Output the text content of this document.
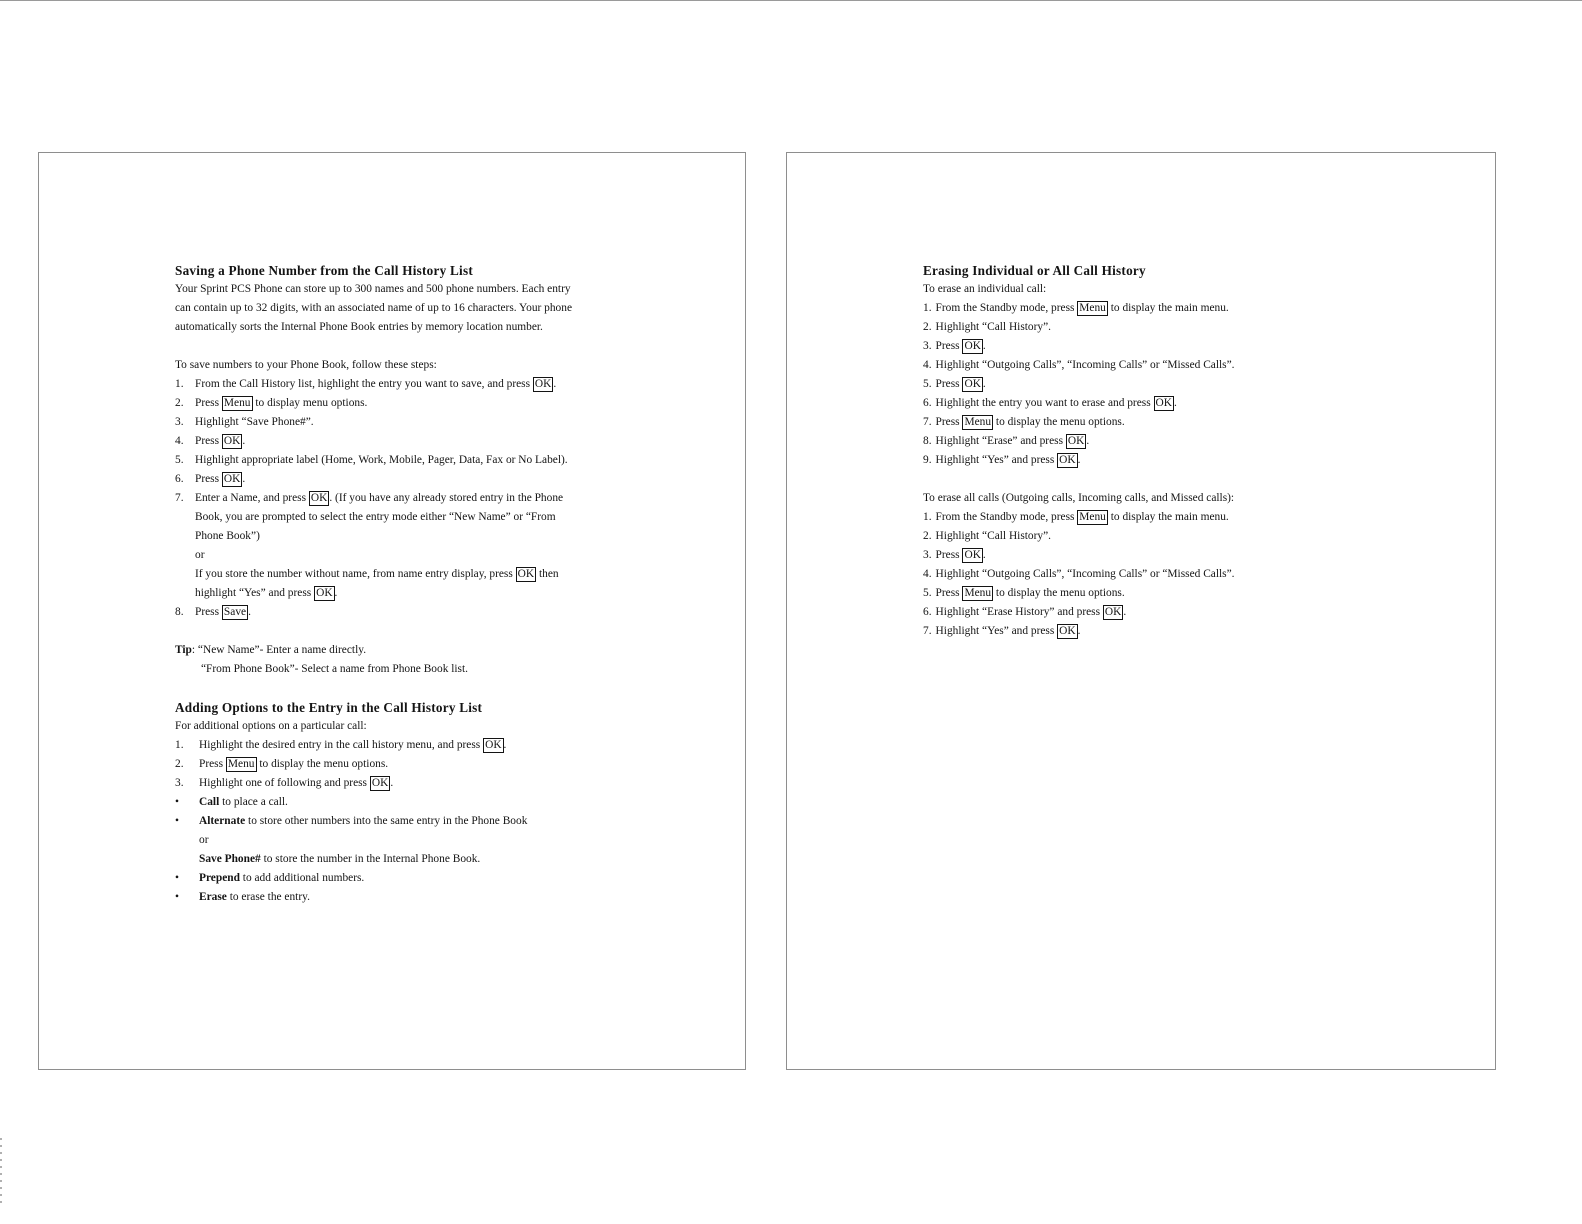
Saving a Phone Number from the Call History List

Your Sprint PCS Phone can store up to 300 names and 500 phone numbers. Each entry

can contain up to 32 digits, with an associated name of up to 16 characters. Your phone

automatically sorts the Internal Phone Book entries by memory location number.

To save numbers to your Phone Book, follow these steps:

1. From the Call History list, highlight the entry you want to save, and press OK .

2. Press Menu to display menu options.

3. Highlight “Save Phone#”.

4. Press OK .

5. Highlight appropriate label (Home, Work, Mobile, Pager, Data, Fax or No Label).

6. Press OK .

7. Enter a Name, and press OK . (If you have any already stored entry in the Phone

Book, you are prompted to select the entry mode either “New Name” or “From

Phone Book”)

or

If you store the number without name, from name entry display, press OK then

highlight “Yes” and press OK .

8. Press Save .

Tip: “New Name”- Enter a name directly.

“From Phone Book”- Select a name from Phone Book list.

Adding Options to the Entry in the Call History List

For additional options on a particular call:

1. Highlight the desired entry in the call history menu, and press OK .

2. Press Menu to display the menu options.

3. Highlight one of following and press OK .

• Call to place a call.

• Alternate to store other numbers into the same entry in the Phone Book

or

Save Phone# to store the number in the Internal Phone Book.

• Prepend to add additional numbers.

• Erase to erase the entry.

Erasing Individual or All Call History

To erase an individual call:

1. From the Standby mode, press Menu to display the main menu.

2. Highlight “Call History”.

3. Press OK .

4. Highlight “Outgoing Calls”, “Incoming Calls” or “Missed Calls”.

5. Press OK .

6. Highlight the entry you want to erase and press OK .

7. Press Menu to display the menu options.

8. Highlight “Erase” and press OK .

9. Highlight “Yes” and press OK .

To erase all calls (Outgoing calls, Incoming calls, and Missed calls):

1. From the Standby mode, press Menu to display the main menu.

2. Highlight “Call History”.

3. Press OK .

4. Highlight “Outgoing Calls”, “Incoming Calls” or “Missed Calls”.

5. Press Menu to display the menu options.

6. Highlight “Erase History” and press OK .

7. Highlight “Yes” and press OK .
